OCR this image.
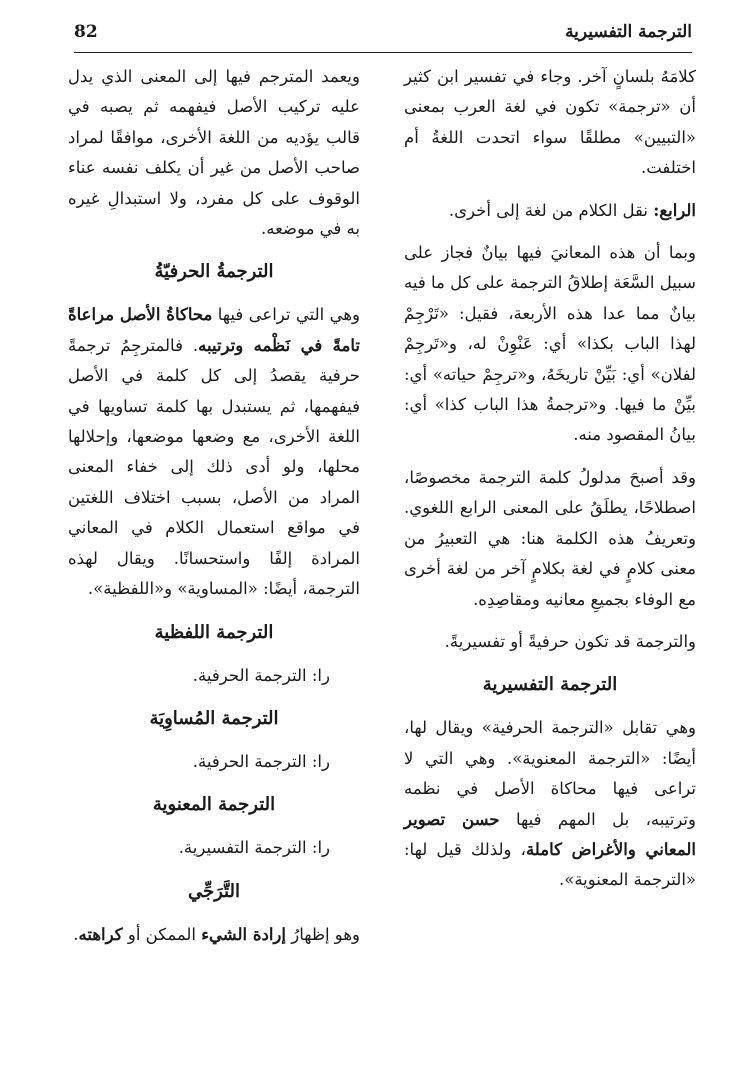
82	الترجمة التفسيرية

كلامَهُ بلسانٍ آخر. وجاء في تفسير ابن كثير أن «ترجمة» تكون في لغة العرب بمعنى «التبيين» مطلقًا سواء اتحدت اللغةُ أم اختلفت.

الرابع: نقل الكلام من لغة إلى أخرى.

وبما أن هذه المعانيَ فيها بيانٌ فجاز على سبيل السَّعَة إطلاقُ الترجمة على كل ما فيه بيانٌ مما عدا هذه الأربعة، فقيل: «تَرْجِمْ لهذا الباب بكذا» أي: عَنْوِنْ له، و«تَرجِمْ لفلان» أي: بَيِّنْ تاريخَهُ، و«ترجِمْ حياته» أي: بيِّنْ ما فيها. و«ترجمةُ هذا الباب كذا» أي: بيانُ المقصود منه.

وقد أصبحَ مدلولُ كلمة الترجمة مخصوصًا، اصطلاحًا، يطلَقُ على المعنى الرابع اللغوي. وتعريفُ هذه الكلمة هنا: هي التعبيرُ من معنى كلامٍ في لغة بكلامٍ آخر من لغة أخرى مع الوفاء بجميعِ معانيه ومقاصِدِه.

والترجمة قد تكون حرفيةً أو تفسيريةً.

الترجمة التفسيرية

وهي تقابل «الترجمة الحرفية» ويقال لها، أيضًا: «الترجمة المعنوية». وهي التي لا تراعى فيها محاكاة الأصل في نظمه وترتيبه، بل المهم فيها حسن تصوير المعاني والأغراض كاملة، ولذلك قيل لها: «الترجمة المعنوية».

ويعمد المترجم فيها إلى المعنى الذي يدل عليه تركيب الأصل فيفهمه ثم يصبه في قالب يؤديه من اللغة الأخرى، موافقًا لمراد صاحب الأصل من غير أن يكلف نفسه عناء الوقوف على كل مفرد، ولا استبدالِ غيره به في موضعه.

الترجمةُ الحرفيّةُ

وهي التي تراعى فيها محاكاةُ الأصل مراعاةً تامةً في نَظْمه وترتيبه. فالمترجِمُ ترجمةً حرفية يقصدُ إلى كل كلمة في الأصل فيفهمها، ثم يستبدل بها كلمة تساويها في اللغة الأخرى، مع وضعها موضعها، وإحلالها محلها، ولو أدى ذلك إلى خفاء المعنى المراد من الأصل، بسبب اختلاف اللغتين في مواقع استعمال الكلام في المعاني المرادة إلفًا واستحسانًا. ويقال لهذه الترجمة، أيضًا: «المساوية» و«اللفظية».

الترجمة اللفظية

را: الترجمة الحرفية.

الترجمة المُساوِيَة

را: الترجمة الحرفية.

الترجمة المعنوية

را: الترجمة التفسيرية.

التَّرَجِّي

وهو إظهارُ إرادة الشيء الممكن أو كراهته.
